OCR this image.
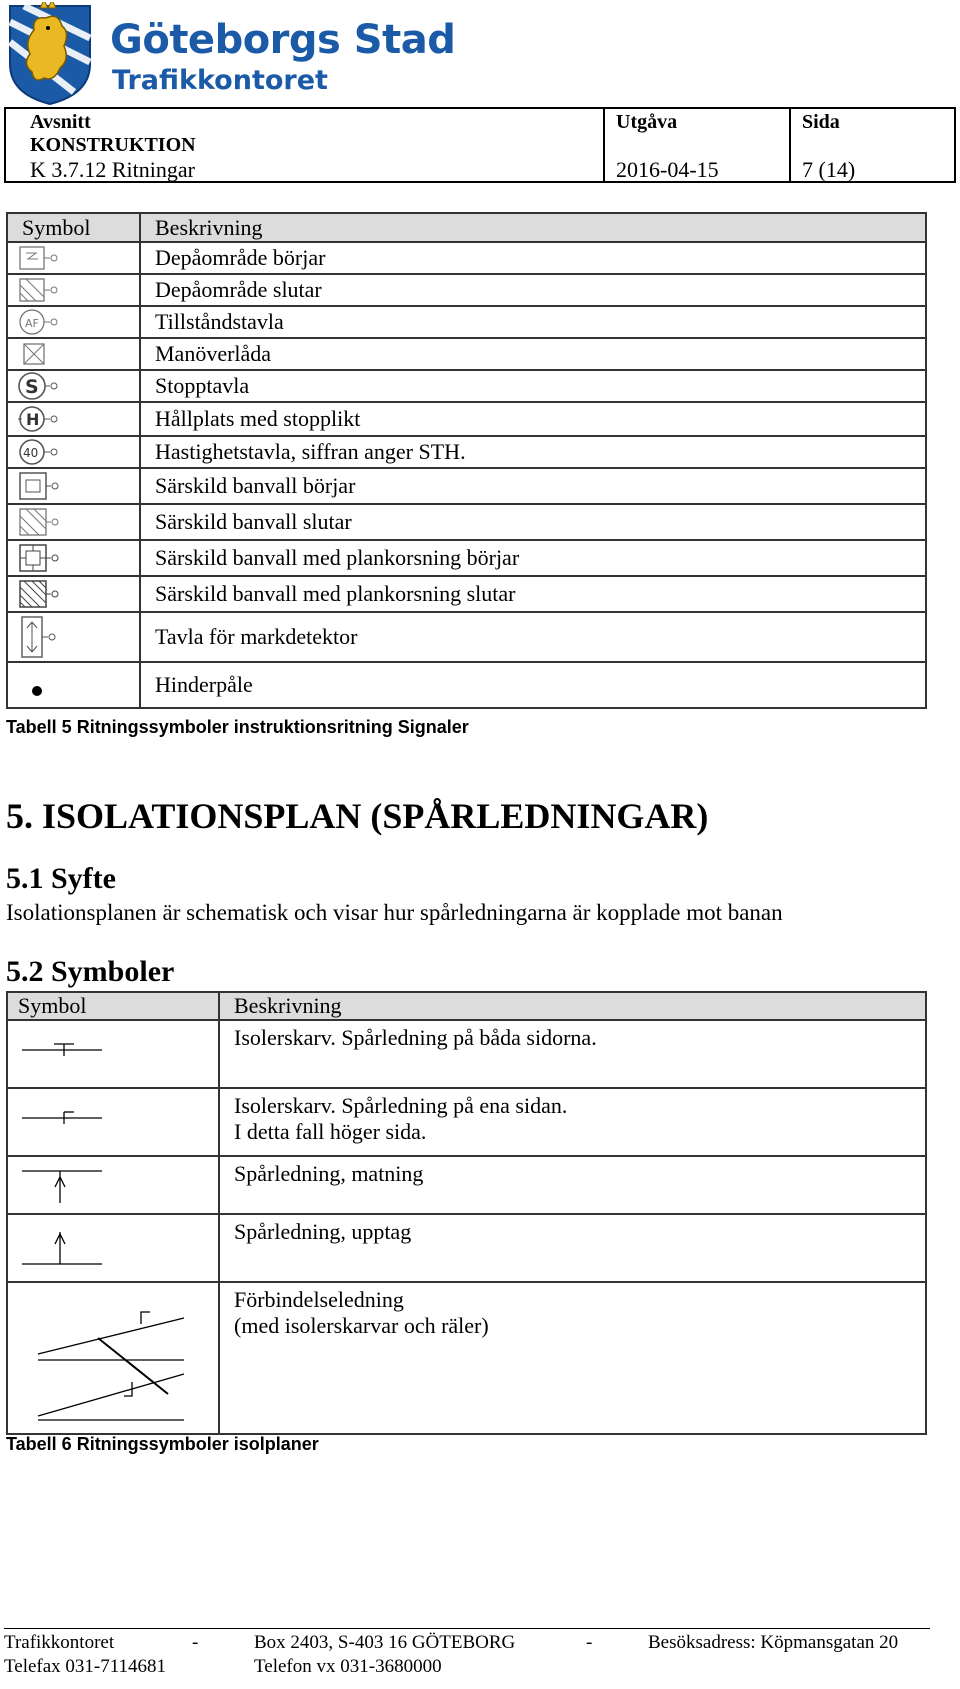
Göteborgs Stad
Trafikkontoret
Avsnitt
KONSTRUKTION
K 3.7.12 Ritningar
Utgåva
2016-04-15
Sida
7 (14)
Symbol	Beskrivning

	Depåområde börjar

	Depåområde slutar

AF	Tillståndstavla

	Manöverlåda

S	Stopptavla

H	Hållplats med stopplikt

40	Hastighetstavla, siffran anger STH.

	Särskild banvall börjar

	Särskild banvall slutar

	Särskild banvall med plankorsning börjar

	Särskild banvall med plankorsning slutar

	Tavla för markdetektor

	Hinderpåle
Tabell 5 Ritningssymboler instruktionsritning Signaler
5. ISOLATIONSPLAN (SPÅRLEDNINGAR)
5.1 Syfte
Isolationsplanen är schematisk och visar hur spårledningarna är kopplade mot banan
5.2 Symboler
Symbol	Beskrivning

Isolerskarv. Spårledning på båda sidorna.

Isolerskarv. Spårledning på ena sidan.
I detta fall höger sida.

Spårledning, matning

Spårledning, upptag

Förbindelseledning
(med isolerskarvar och räler)
Tabell 6 Ritningssymboler isolplaner
Trafikkontoret	-	Box 2403, S-403 16 GÖTEBORG	-	Besöksadress: Köpmansgatan 20
Telefax 031-7114681	Telefon vx 031-3680000
